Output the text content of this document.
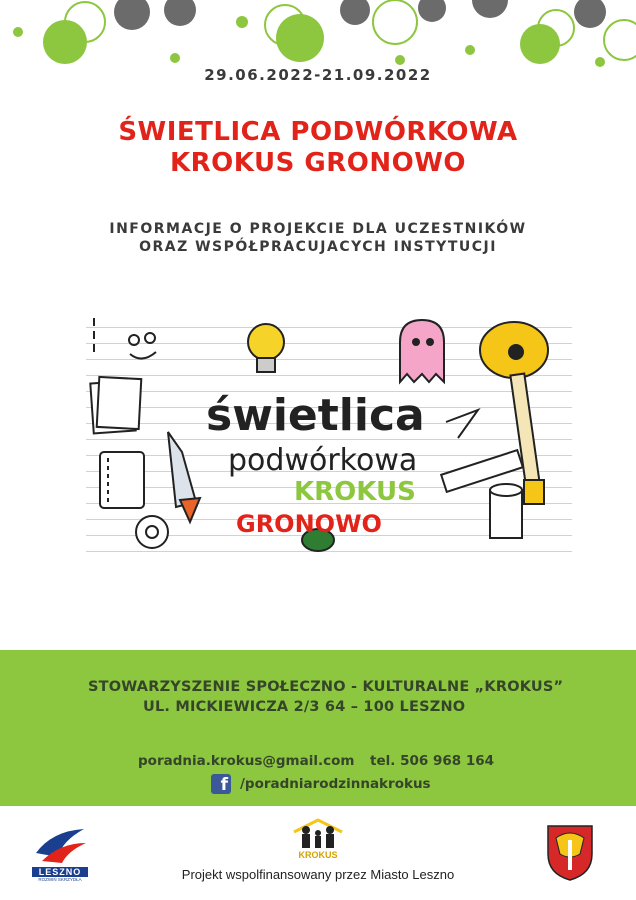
29.06.2022-21.09.2022
ŚWIETLICA PODWÓRKOWA
KROKUS GRONOWO
INFORMACJE O PROJEKCIE DLA UCZESTNIKÓW
ORAZ WSPÓŁPRACUJACYCH INSTYTUCJI
świetlica
podwórkowa
KROKUS
GRONOWO
STOWARZYSZENIE SPOŁECZNO - KULTURALNE „KROKUS”
UL. MICKIEWICZA 2/3 64 – 100 LESZNO
poradnia.krokus@gmail.com tel. 506 968 164
f /poradniarodzinnakrokus
LESZNO
ROZWIŃ SKRZYDŁA
KROKUS
Projekt wspolfinansowany przez Miasto Leszno
